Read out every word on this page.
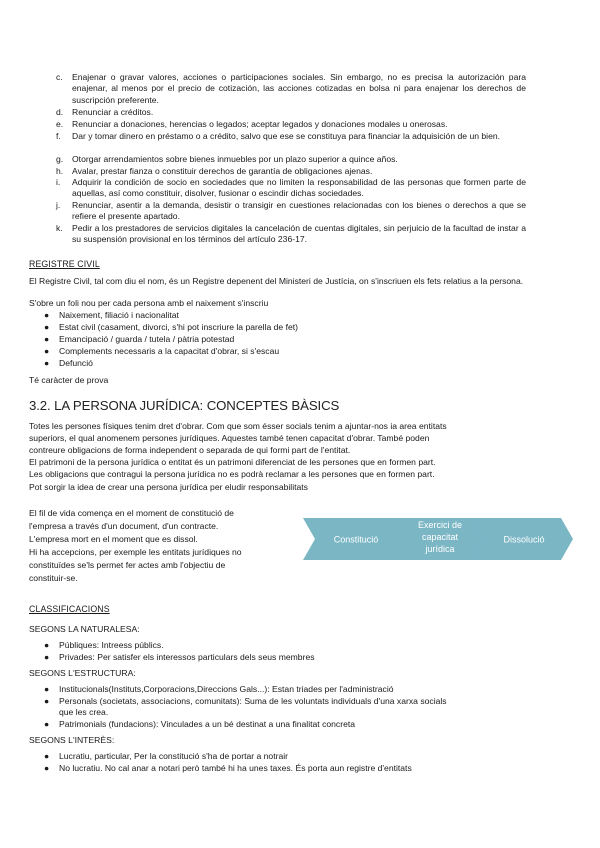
c. Enajenar o gravar valores, acciones o participaciones sociales. Sin embargo, no es precisa la autorización para enajenar, al menos por el precio de cotización, las acciones cotizadas en bolsa ni para enajenar los derechos de suscripción preferente.
d. Renunciar a créditos.
e. Renunciar a donaciones, herencias o legados; aceptar legados y donaciones modales u onerosas.
f. Dar y tomar dinero en préstamo o a crédito, salvo que ese se constituya para financiar la adquisición de un bien.
g. Otorgar arrendamientos sobre bienes inmuebles por un plazo superior a quince años.
h. Avalar, prestar fianza o constituir derechos de garantía de obligaciones ajenas.
i. Adquirir la condición de socio en sociedades que no limiten la responsabilidad de las personas que formen parte de aquellas, así como constituir, disolver, fusionar o escindir dichas sociedades.
j. Renunciar, asentir a la demanda, desistir o transigir en cuestiones relacionadas con los bienes o derechos a que se refiere el presente apartado.
k. Pedir a los prestadores de servicios digitales la cancelación de cuentas digitales, sin perjuicio de la facultad de instar a su suspensión provisional en los términos del artículo 236-17.
REGISTRE CIVIL
El Registre Civil, tal com diu el nom, és un Registre depenent del Ministeri de Justícia, on s'inscriuen els fets relatius a la persona.
S'obre un foli nou per cada persona amb el naixement s'inscriu
● Naixement, filiació i nacionalitat
● Estat civil (casament, divorci, s'hi pot inscriure la parella de fet)
● Emancipació / guarda / tutela / pàtria potestad
● Complements necessaris a la capacitat d'obrar, si s'escau
● Defunció
Té caràcter de prova
3.2. LA PERSONA JURÍDICA: CONCEPTES BÀSICS
Totes les persones físiques tenim dret d'obrar. Com que som ésser socials tenim a ajuntar-nos ia area entitats
superiors, el qual anomenem persones jurídiques. Aquestes també tenen capacitat d'obrar. També poden
contreure obligacions de forma independent o separada de qui formi part de l'entitat.
El patrimoni de la persona jurídica o entitat és un patrimoni diferenciat de les persones que en formen part.
Les obligacions que contragui la persona jurídica no es podrà reclamar a les persones que en formen part.
Pot sorgir la idea de crear una persona jurídica per eludir responsabilitats
El fil de vida comença en el moment de constitució de
l'empresa a través d'un document, d'un contracte.
L'empresa mort en el moment que es dissol.
Hi ha accepcions, per exemple les entitats jurídiques no
constituïdes se'ls permet fer actes amb l'objectiu de
constituir-se.
Constitució
Exercici de
capacitat
jurídica
Dissolució
CLASSIFICACIONS
SEGONS LA NATURALESA:
● Públiques: Intreess públics.
● Privades: Per satisfer els interessos particulars dels seus membres
SEGONS L'ESTRUCTURA:
● Institucionals(Instituts,Corporacions,Direccions Gals...): Estan triades per l'administració
● Personals (societats, associacions, comunitats): Suma de les voluntats individuals d'una xarxa socials
que les crea.
● Patrimonials (fundacions): Vinculades a un bé destinat a una finalitat concreta
SEGONS L'INTERÈS:
● Lucratiu, particular, Per la constitució s'ha de portar a notrair
● No lucratiu. No cal anar a notari però també hi ha unes taxes. És porta aun registre d'entitats
